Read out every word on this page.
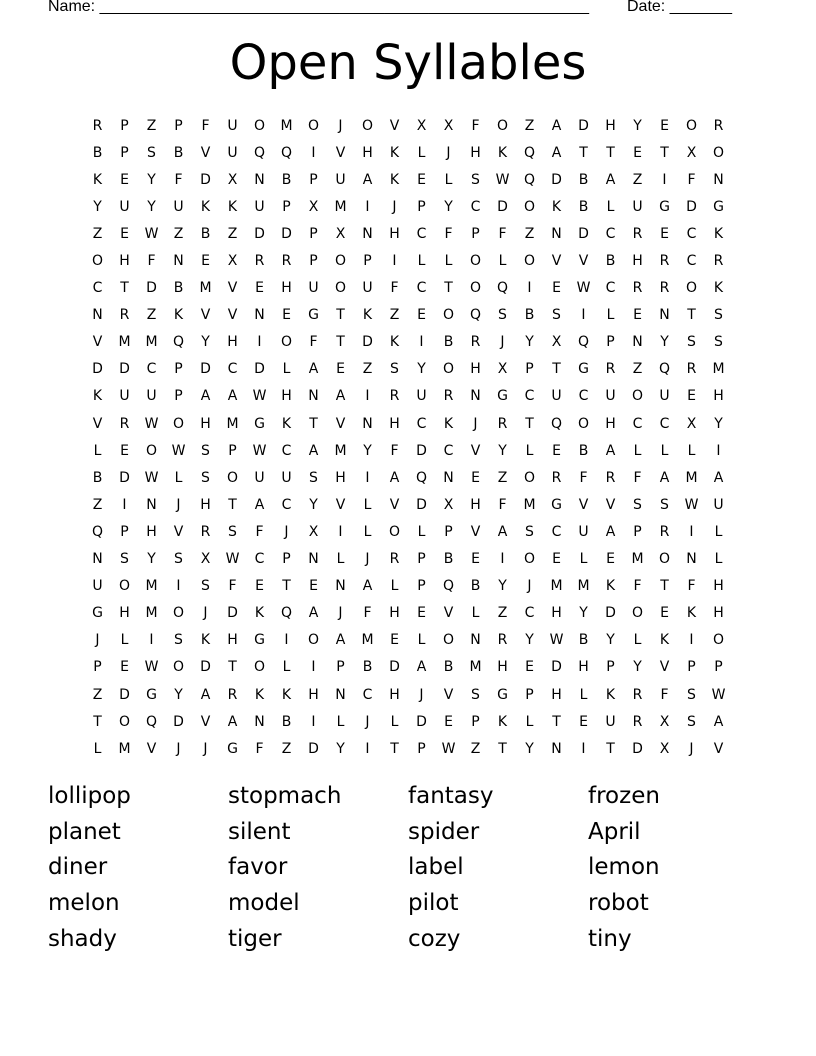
Name: _______________________________________________________ Date: _______
Open Syllables
R	P	Z	P	F	U	O	M	O	J	O	V	X	X	F	O	Z	A	D	H	Y	E	O	R
B	P	S	B	V	U	Q	Q	I	V	H	K	L	J	H	K	Q	A	T	T	E	T	X	O
K	E	Y	F	D	X	N	B	P	U	A	K	E	L	S	W	Q	D	B	A	Z	I	F	N
Y	U	Y	U	K	K	U	P	X	M	I	J	P	Y	C	D	O	K	B	L	U	G	D	G
Z	E	W	Z	B	Z	D	D	P	X	N	H	C	F	P	F	Z	N	D	C	R	E	C	K
O	H	F	N	E	X	R	R	P	O	P	I	L	L	O	L	O	V	V	B	H	R	C	R
C	T	D	B	M	V	E	H	U	O	U	F	C	T	O	Q	I	E	W	C	R	R	O	K
N	R	Z	K	V	V	N	E	G	T	K	Z	E	O	Q	S	B	S	I	L	E	N	T	S
V	M	M	Q	Y	H	I	O	F	T	D	K	I	B	R	J	Y	X	Q	P	N	Y	S	S
D	D	C	P	D	C	D	L	A	E	Z	S	Y	O	H	X	P	T	G	R	Z	Q	R	M
K	U	U	P	A	A	W	H	N	A	I	R	U	R	N	G	C	U	C	U	O	U	E	H
V	R	W	O	H	M	G	K	T	V	N	H	C	K	J	R	T	Q	O	H	C	C	X	Y
L	E	O	W	S	P	W	C	A	M	Y	F	D	C	V	Y	L	E	B	A	L	L	L	I
B	D	W	L	S	O	U	U	S	H	I	A	Q	N	E	Z	O	R	F	R	F	A	M	A
Z	I	N	J	H	T	A	C	Y	V	L	V	D	X	H	F	M	G	V	V	S	S	W	U
Q	P	H	V	R	S	F	J	X	I	L	O	L	P	V	A	S	C	U	A	P	R	I	L
N	S	Y	S	X	W	C	P	N	L	J	R	P	B	E	I	O	E	L	E	M	O	N	L
U	O	M	I	S	F	E	T	E	N	A	L	P	Q	B	Y	J	M	M	K	F	T	F	H
G	H	M	O	J	D	K	Q	A	J	F	H	E	V	L	Z	C	H	Y	D	O	E	K	H
J	L	I	S	K	H	G	I	O	A	M	E	L	O	N	R	Y	W	B	Y	L	K	I	O
P	E	W	O	D	T	O	L	I	P	B	D	A	B	M	H	E	D	H	P	Y	V	P	P
Z	D	G	Y	A	R	K	K	H	N	C	H	J	V	S	G	P	H	L	K	R	F	S	W
T	O	Q	D	V	A	N	B	I	L	J	L	D	E	P	K	L	T	E	U	R	X	S	A
L	M	V	J	J	G	F	Z	D	Y	I	T	P	W	Z	T	Y	N	I	T	D	X	J	V
lollipop	stopmach	fantasy	frozen
planet	silent	spider	April
diner	favor	label	lemon
melon	model	pilot	robot
shady	tiger	cozy	tiny
